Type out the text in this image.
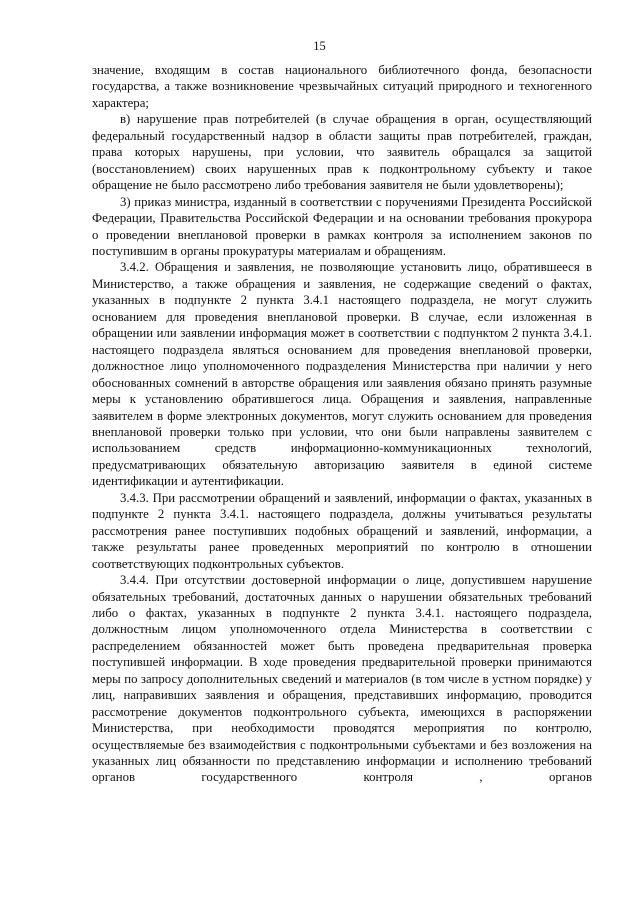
15

значение, входящим в состав национального библиотечного фонда, безопасности государства, а также возникновение чрезвычайных ситуаций природного и техногенного характера;

в) нарушение прав потребителей (в случае обращения в орган, осуществляющий федеральный государственный надзор в области защиты прав потребителей, граждан, права которых нарушены, при условии, что заявитель обращался за защитой (восстановлением) своих нарушенных прав к подконтрольному субъекту и такое обращение не было рассмотрено либо требования заявителя не были удовлетворены);

3) приказ министра, изданный в соответствии с поручениями Президента Российской Федерации, Правительства Российской Федерации и на основании требования прокурора о проведении внеплановой проверки в рамках контроля за исполнением законов по поступившим в органы прокуратуры материалам и обращениям.

3.4.2. Обращения и заявления, не позволяющие установить лицо, обратившееся в Министерство, а также обращения и заявления, не содержащие сведений о фактах, указанных в подпункте 2 пункта 3.4.1 настоящего подраздела, не могут служить основанием для проведения внеплановой проверки. В случае, если изложенная в обращении или заявлении информация может в соответствии с подпунктом 2 пункта 3.4.1. настоящего подраздела являться основанием для проведения внеплановой проверки, должностное лицо уполномоченного подразделения Министерства при наличии у него обоснованных сомнений в авторстве обращения или заявления обязано принять разумные меры к установлению обратившегося лица. Обращения и заявления, направленные заявителем в форме электронных документов, могут служить основанием для проведения внеплановой проверки только при условии, что они были направлены заявителем с использованием средств информационно-коммуникационных технологий, предусматривающих обязательную авторизацию заявителя в единой системе идентификации и аутентификации.

3.4.3. При рассмотрении обращений и заявлений, информации о фактах, указанных в подпункте 2 пункта 3.4.1. настоящего подраздела, должны учитываться результаты рассмотрения ранее поступивших подобных обращений и заявлений, информации, а также результаты ранее проведенных мероприятий по контролю в отношении соответствующих подконтрольных субъектов.

3.4.4. При отсутствии достоверной информации о лице, допустившем нарушение обязательных требований, достаточных данных о нарушении обязательных требований либо о фактах, указанных в подпункте 2 пункта 3.4.1. настоящего подраздела, должностным лицом уполномоченного отдела Министерства в соответствии с распределением обязанностей может быть проведена предварительная проверка поступившей информации. В ходе проведения предварительной проверки принимаются меры по запросу дополнительных сведений и материалов (в том числе в устном порядке) у лиц, направивших заявления и обращения, представивших информацию, проводится рассмотрение документов подконтрольного субъекта, имеющихся в распоряжении Министерства, при необходимости проводятся мероприятия по контролю, осуществляемые без взаимодействия с подконтрольными субъектами и без возложения на указанных лиц обязанности по представлению информации и исполнению требований органов государственного контроля , органов
